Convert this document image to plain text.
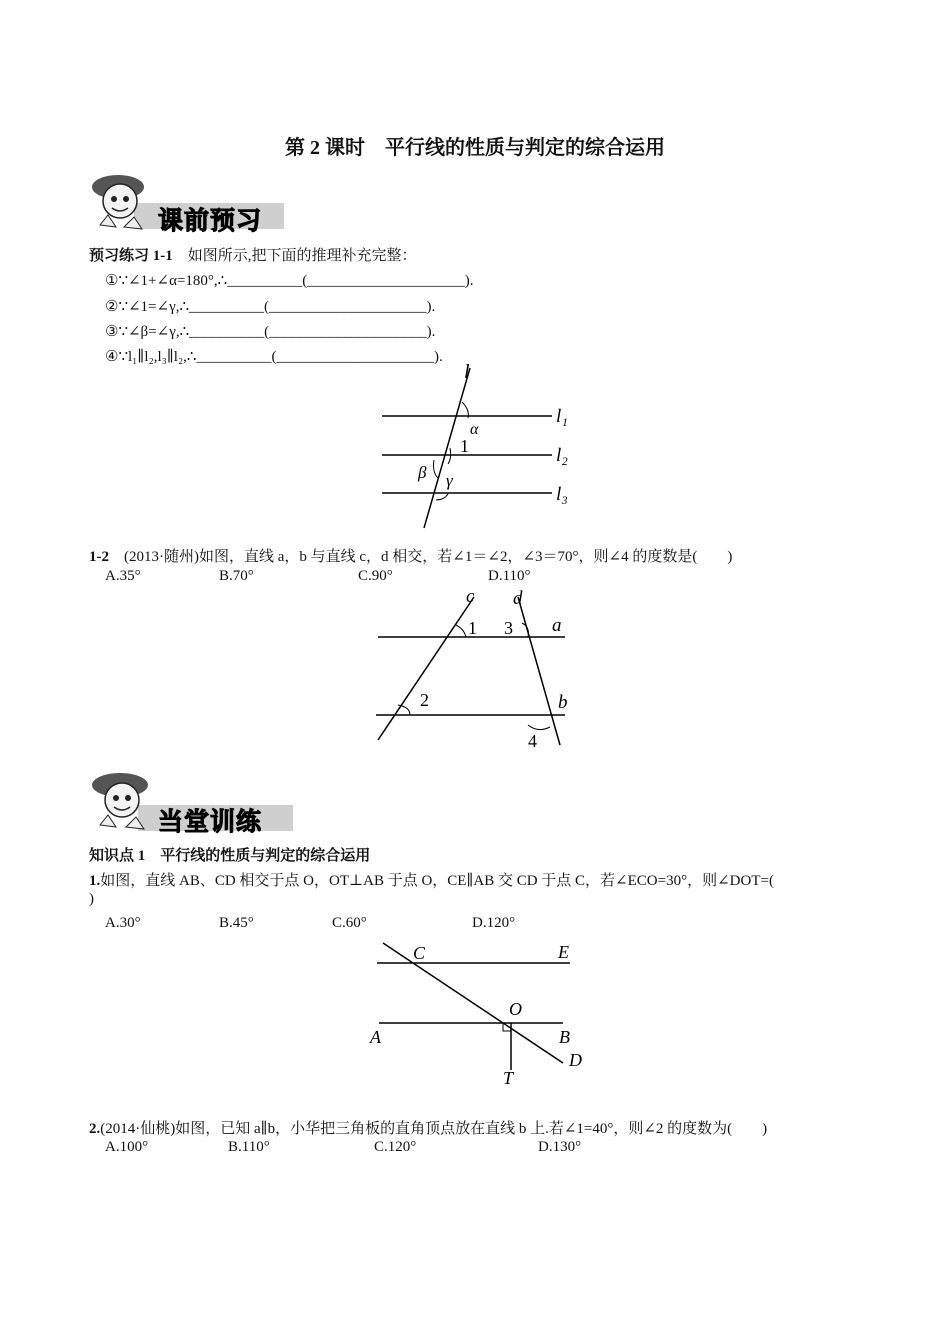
第 2 课时　平行线的性质与判定的综合运用
课前预习
预习练习 1-1 如图所示,把下面的推理补充完整：
①∵∠1+∠α=180°,∴__________(_____________________).
②∵∠1=∠γ,∴__________(_____________________).
③∵∠β=∠γ,∴__________(_____________________).
④∵l₁∥l₂,l₃∥l₂,∴__________(_____________________).
l
l₁
l₂
l₃
α
1
β γ
1-2 (2013·随州)如图，直线 a，b 与直线 c，d 相交，若∠1＝∠2，∠3＝70°，则∠4 的度数是(　　)
A.35°	B.70°	C.90°	D.110°
c d
a
b
1 3
2
4
当堂训练
知识点 1　平行线的性质与判定的综合运用
1.如图，直线 AB、CD 相交于点 O，OT⊥AB 于点 O，CE∥AB 交 CD 于点 C，若∠ECO=30°，则∠DOT=(
)
A.30°	B.45°	C.60°	D.120°
C	E
O
A	B
D
T
2.(2014·仙桃)如图，已知 a∥b，小华把三角板的直角顶点放在直线 b 上.若∠1=40°，则∠2 的度数为(　　)
A.100°	B.110°	C.120°	D.130°
